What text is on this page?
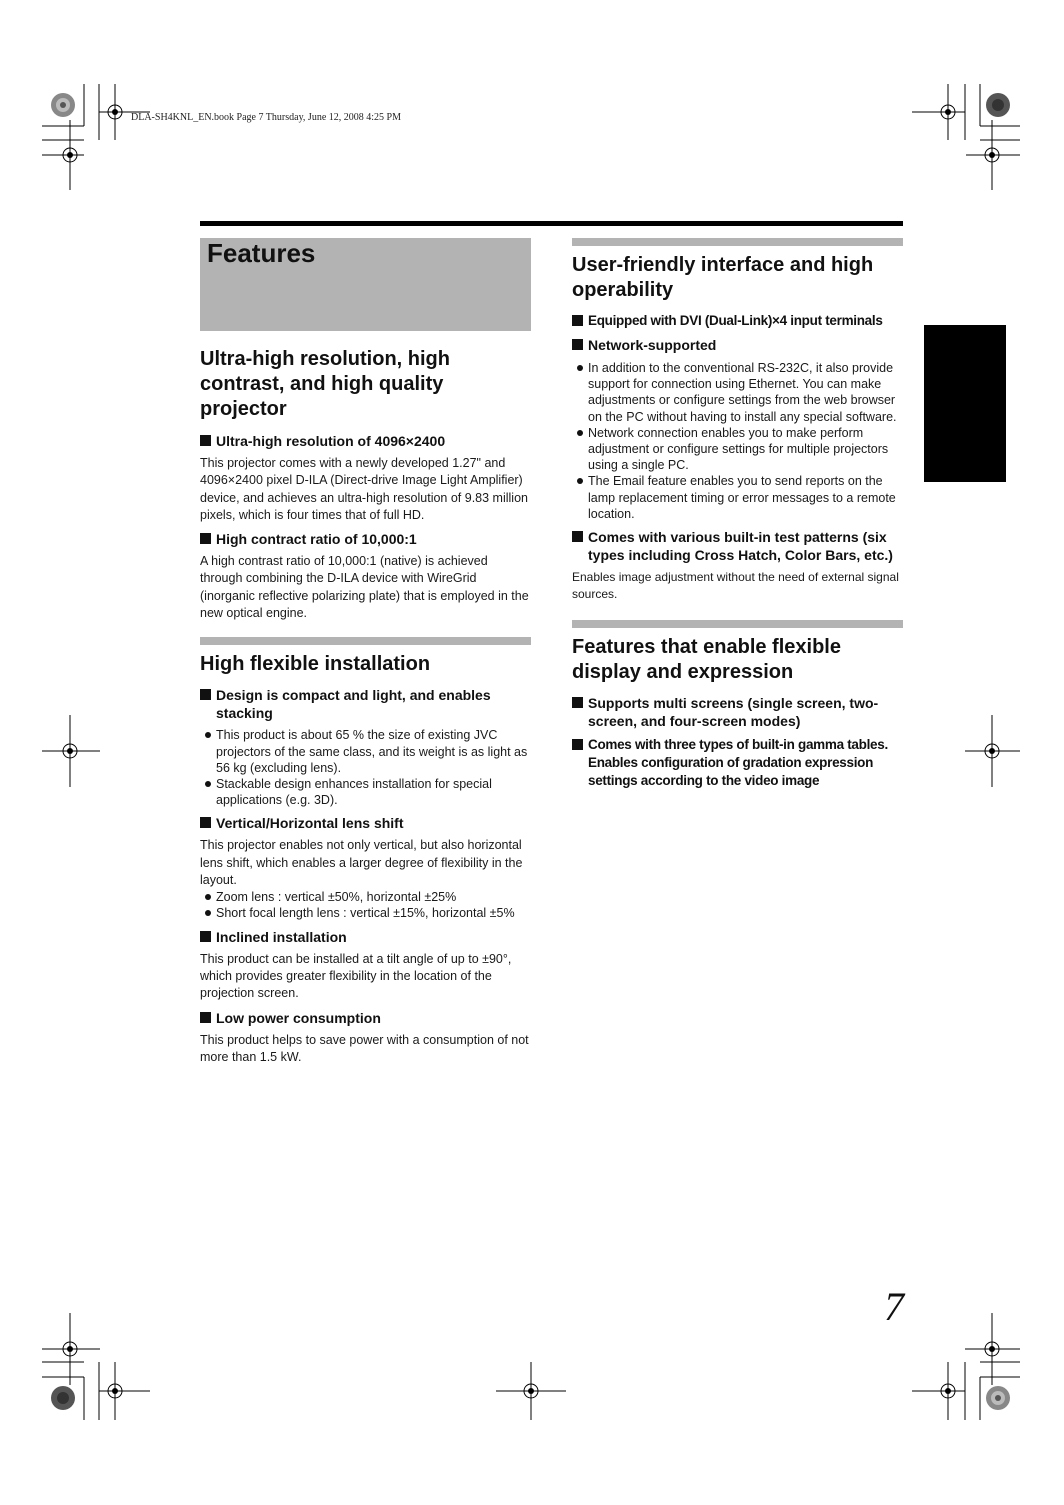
DLA-SH4KNL_EN.book Page 7 Thursday, June 12, 2008 4:25 PM
Features
Ultra-high resolution, high contrast, and high quality projector
Ultra-high resolution of 4096×2400

This projector comes with a newly developed 1.27" and 4096×2400 pixel D-ILA (Direct-drive Image Light Amplifier) device, and achieves an ultra-high resolution of 9.83 million pixels, which is four times that of full HD.

High contract ratio of 10,000:1

A high contrast ratio of 10,000:1 (native) is achieved through combining the D-ILA device with WireGrid (inorganic reflective polarizing plate) that is employed in the new optical engine.

High flexible installation
Design is compact and light, and enables stacking
This product is about 65 % the size of existing JVC projectors of the same class, and its weight is as light as 56 kg (excluding lens).
Stackable design enhances installation for special applications (e.g. 3D).
Vertical/Horizontal lens shift

This projector enables not only vertical, but also horizontal lens shift, which enables a larger degree of flexibility in the layout.

Zoom lens : vertical ±50%, horizontal ±25%
Short focal length lens : vertical ±15%, horizontal ±5%
Inclined installation

This product can be installed at a tilt angle of up to ±90°, which provides greater flexibility in the location of the projection screen.

Low power consumption

This product helps to save power with a consumption of not more than 1.5 kW.

User-friendly interface and high operability
Equipped with DVI (Dual-Link)×4 input terminals
Network-supported
In addition to the conventional RS-232C, it also provide support for connection using Ethernet. You can make adjustments or configure settings from the web browser on the PC without having to install any special software.
Network connection enables you to make perform adjustment or configure settings for multiple projectors using a single PC.
The Email feature enables you to send reports on the lamp replacement timing or error messages to a remote location.
Comes with various built-in test patterns (six types including Cross Hatch, Color Bars, etc.)

Enables image adjustment without the need of external signal sources.

Features that enable flexible display and expression
Supports multi screens (single screen, two-screen, and four-screen modes)
Comes with three types of built-in gamma tables. Enables configuration of gradation expression settings according to the video image
7
